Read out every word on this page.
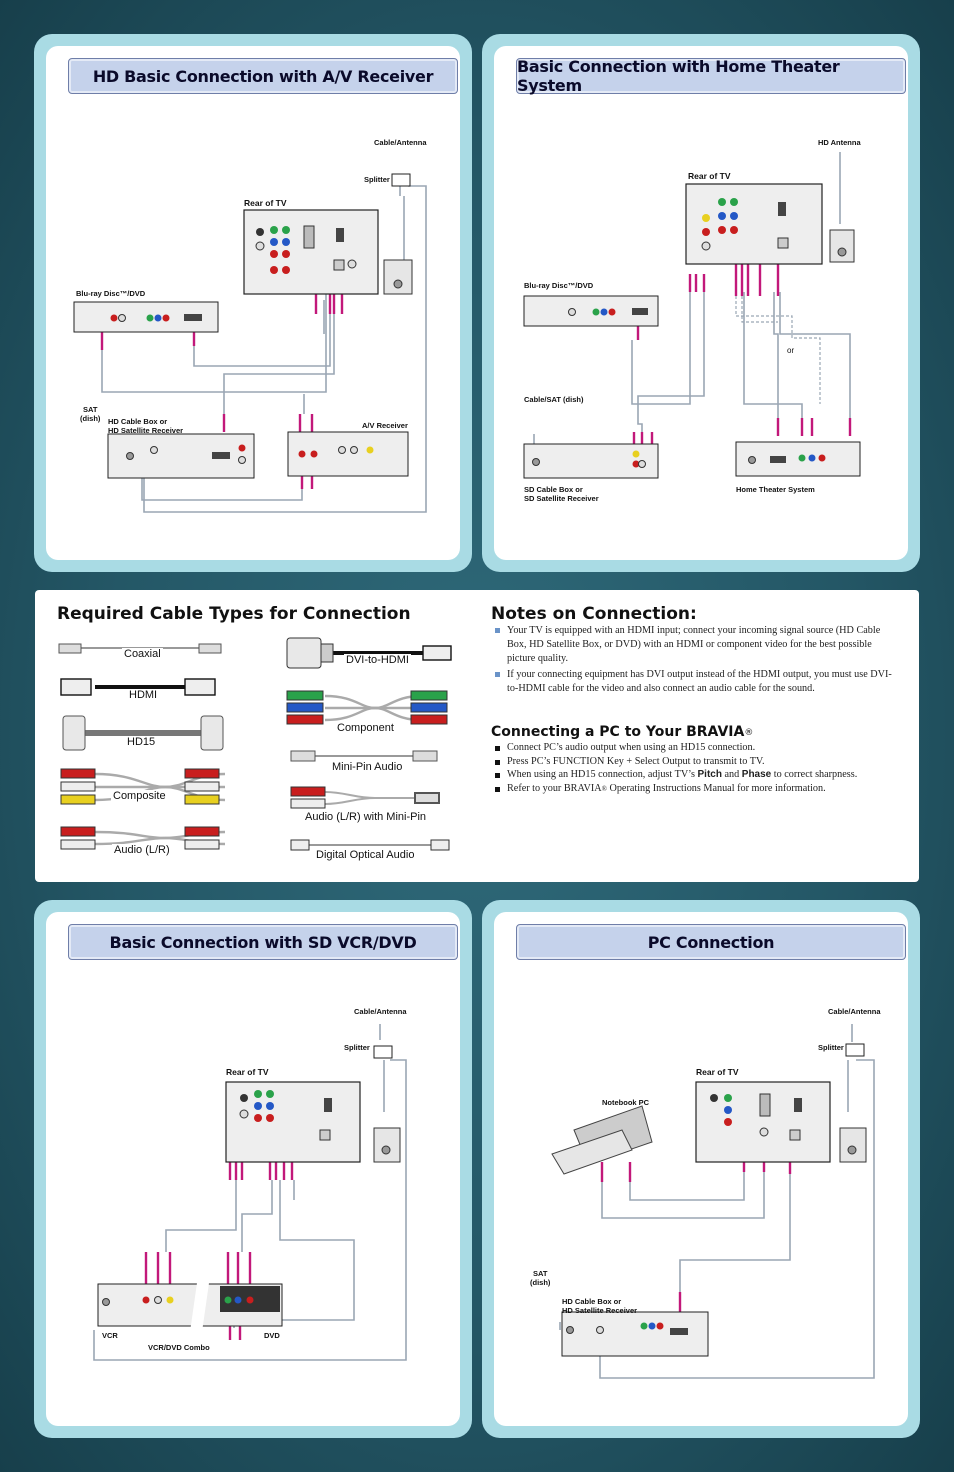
HD Basic Connection with A/V Receiver
Cable/Antenna
Splitter
Rear of TV
Blu-ray Disc™/DVD
SAT
(dish) HD Cable Box or
HD Satellite Receiver
A/V Receiver
Basic Connection with Home Theater System
HD Antenna
Rear of TV
Blu-ray Disc™/DVD
Cable/SAT (dish)
or
SD Cable Box or
SD Satellite Receiver
Home Theater System
Required Cable Types for Connection
Coaxial
HDMI
HD15
Composite
Audio (L/R)
DVI-to-HDMI
Component
Mini-Pin Audio
Audio (L/R) with Mini-Pin
Digital Optical Audio
Notes on Connection:
Your TV is equipped with an HDMI input; connect your incoming signal source (HD Cable Box, HD Satellite Box, or DVD) with an HDMI or component video for the best possible picture quality.
If your connecting equipment has DVI output instead of the HDMI output, you must use DVI-to-HDMI cable for the video and also connect an audio cable for the sound.
Connecting a PC to Your BRAVIA®
Connect PC’s audio output when using an HD15 connection.
Press PC’s FUNCTION Key + Select Output to transmit to TV.
When using an HD15 connection, adjust TV’s Pitch and Phase to correct sharpness.
Refer to your BRAVIA® Operating Instructions Manual for more information.
Basic Connection with SD VCR/DVD
Cable/Antenna
Splitter
Rear of TV
VCR
VCR/DVD Combo
DVD
PC Connection
Cable/Antenna
Splitter
Rear of TV
Notebook PC
SAT
(dish)
HD Cable Box or
HD Satellite Receiver
